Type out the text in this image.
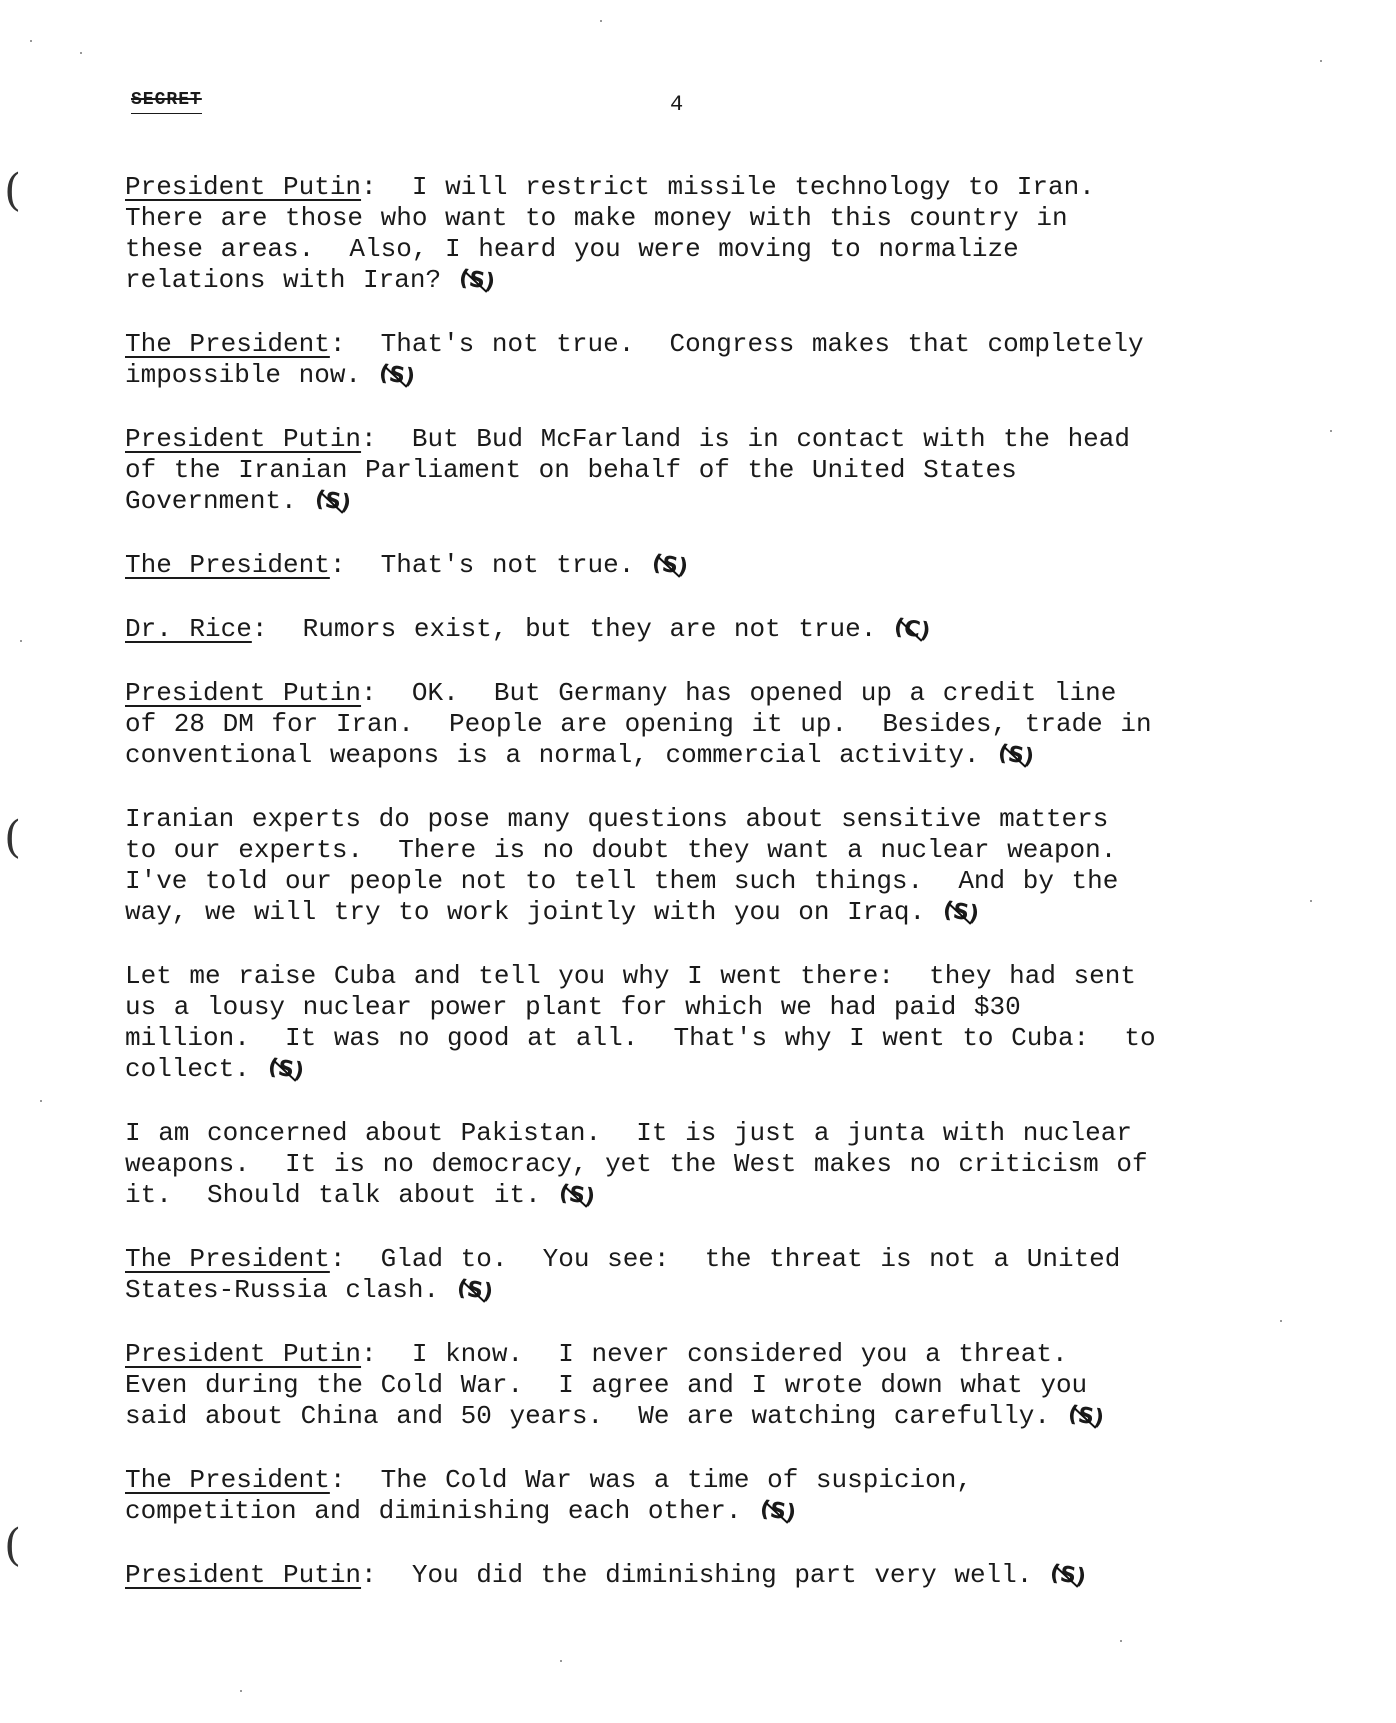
SECRET	4
(
(
(

President Putin:  I will restrict missile technology to Iran.
There are those who want to make money with this country in
these areas.  Also, I heard you were moving to normalize
relations with Iran? (S)

The President:  That's not true.  Congress makes that completely
impossible now. (S)

President Putin:  But Bud McFarland is in contact with the head
of the Iranian Parliament on behalf of the United States
Government. (S)

The President:  That's not true. (S)

Dr. Rice:  Rumors exist, but they are not true. (C)

President Putin:  OK.  But Germany has opened up a credit line
of 28 DM for Iran.  People are opening it up.  Besides, trade in
conventional weapons is a normal, commercial activity. (S)

Iranian experts do pose many questions about sensitive matters
to our experts.  There is no doubt they want a nuclear weapon.
I've told our people not to tell them such things.  And by the
way, we will try to work jointly with you on Iraq. (S)

Let me raise Cuba and tell you why I went there:  they had sent
us a lousy nuclear power plant for which we had paid $30
million.  It was no good at all.  That's why I went to Cuba:  to
collect. (S)

I am concerned about Pakistan.  It is just a junta with nuclear
weapons.  It is no democracy, yet the West makes no criticism of
it.  Should talk about it. (S)

The President:  Glad to.  You see:  the threat is not a United
States-Russia clash. (S)

President Putin:  I know.  I never considered you a threat.
Even during the Cold War.  I agree and I wrote down what you
said about China and 50 years.  We are watching carefully. (S)

The President:  The Cold War was a time of suspicion,
competition and diminishing each other. (S)

President Putin:  You did the diminishing part very well. (S)
